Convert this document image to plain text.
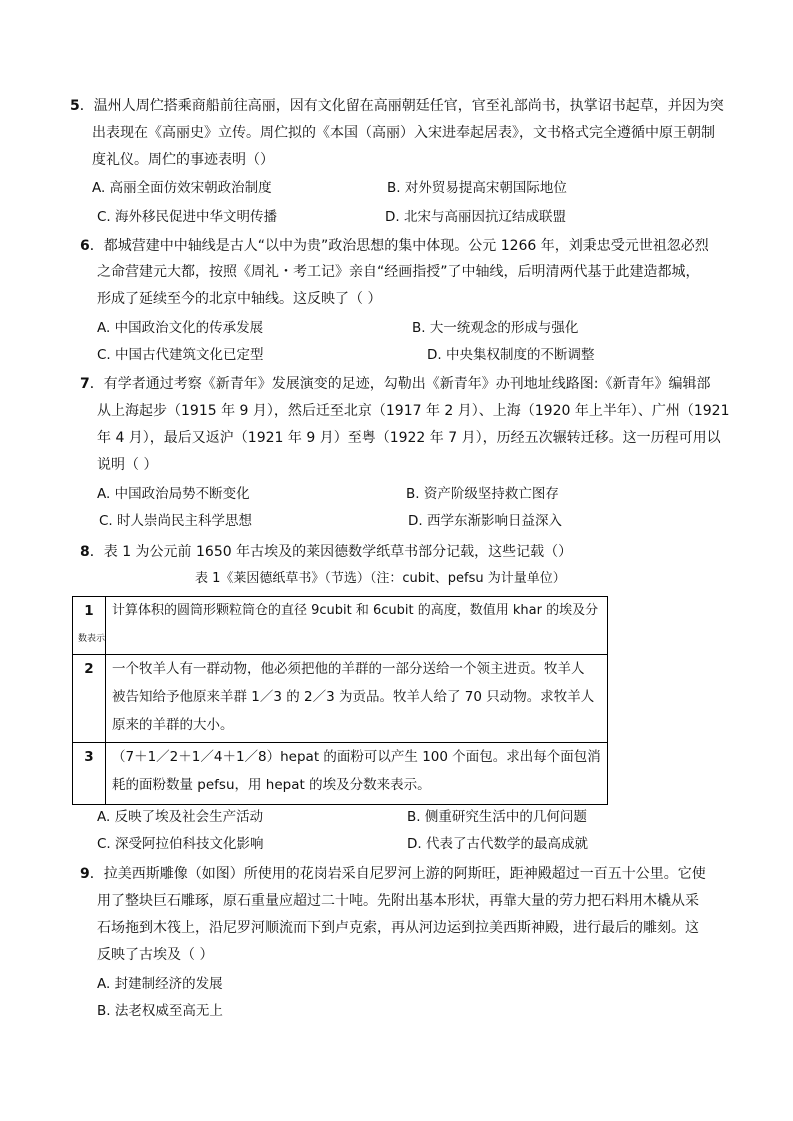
5．温州人周伫搭乘商船前往高丽，因有文化留在高丽朝廷任官，官至礼部尚书，执掌诏书起草，并因为突
出表现在《高丽史》立传。周伫拟的《本国（高丽）入宋进奉起居表》，文书格式完全遵循中原王朝制
度礼仪。周伫的事迹表明（）
A. 高丽全面仿效宋朝政治制度	B. 对外贸易提高宋朝国际地位
C. 海外移民促进中华文明传播	D. 北宋与高丽因抗辽结成联盟
6．都城营建中中轴线是古人“以中为贵”政治思想的集中体现。公元 1266 年，刘秉忠受元世祖忽必烈
之命营建元大都，按照《周礼・考工记》亲自“经画指授”了中轴线，后明清两代基于此建造都城，
形成了延续至今的北京中轴线。这反映了（ ）
A. 中国政治文化的传承发展	B. 大一统观念的形成与强化
C. 中国古代建筑文化已定型	D. 中央集权制度的不断调整
7．有学者通过考察《新青年》发展演变的足迹，勾勒出《新青年》办刊地址线路图:《新青年》编辑部
从上海起步（1915 年 9 月），然后迁至北京（1917 年 2 月）、上海（1920 年上半年）、广州（1921
年 4 月），最后又返沪（1921 年 9 月）至粤（1922 年 7 月），历经五次辗转迁移。这一历程可用以
说明（ ）
A. 中国政治局势不断变化	B. 资产阶级坚持救亡图存
C. 时人崇尚民主科学思想	D. 西学东渐影响日益深入
8．表 1 为公元前 1650 年古埃及的莱因德数学纸草书部分记载，这些记载（）
表 1《莱因德纸草书》（节选）（注：cubit、pefsu 为计量单位）
1	计算体积的圆筒形颗粒筒仓的直径 9cubit 和 6cubit 的高度，数值用 khar 的埃及分
数表示

2	一个牧羊人有一群动物，他必须把他的羊群的一部分送给一个领主进贡。牧羊人
被告知给予他原来羊群 1／3 的 2／3 为贡品。牧羊人给了 70 只动物。求牧羊人
原来的羊群的大小。

3	（7＋1／2＋1／4＋1／8）hepat 的面粉可以产生 100 个面包。求出每个面包消
耗的面粉数量 pefsu，用 hepat 的埃及分数来表示。
A. 反映了埃及社会生产活动	B. 侧重研究生活中的几何问题
C. 深受阿拉伯科技文化影响	D. 代表了古代数学的最高成就
9．拉美西斯雕像（如图）所使用的花岗岩采自尼罗河上游的阿斯旺，距神殿超过一百五十公里。它使
用了整块巨石雕琢，原石重量应超过二十吨。先附出基本形状，再靠大量的劳力把石料用木橇从采
石场拖到木筏上，沿尼罗河顺流而下到卢克索，再从河边运到拉美西斯神殿，进行最后的雕刻。这
反映了古埃及（ ）
A. 封建制经济的发展
B. 法老权威至高无上
